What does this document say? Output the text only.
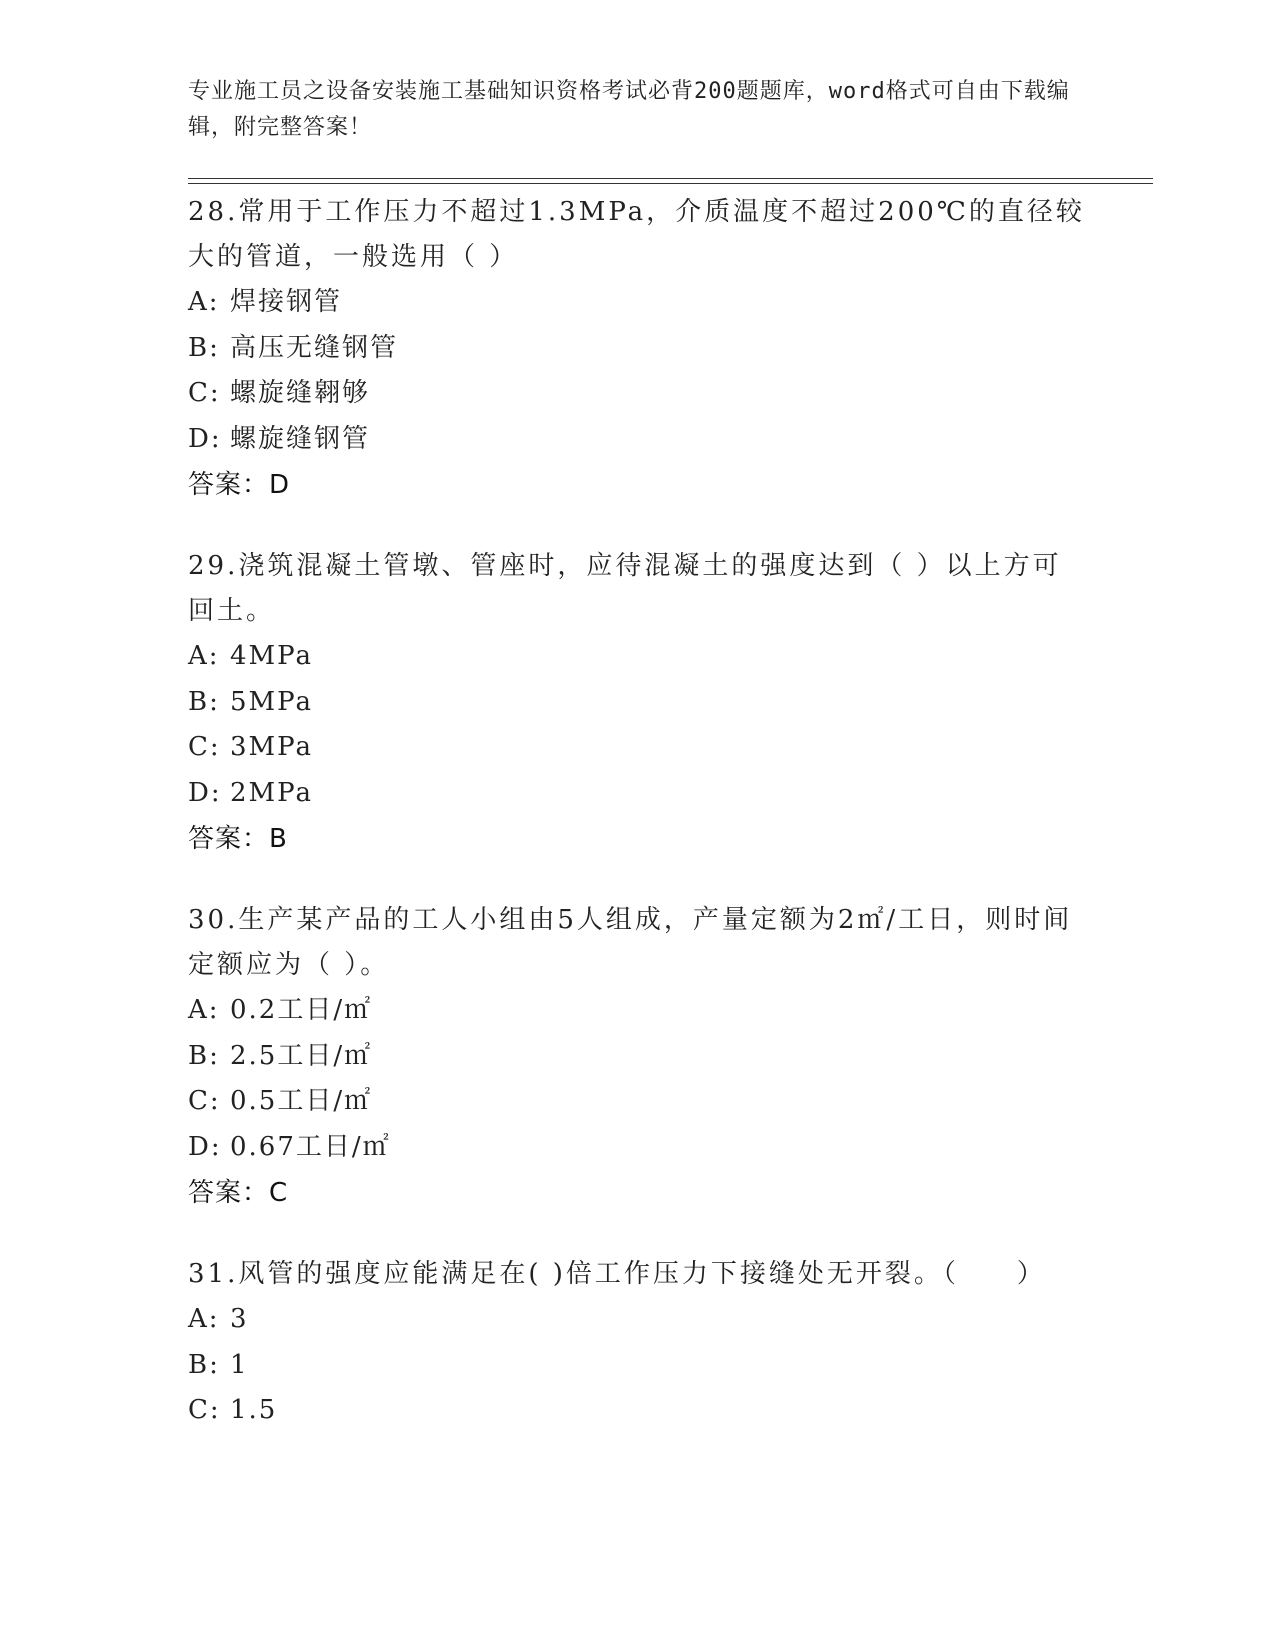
专业施工员之设备安装施工基础知识资格考试必背200题题库，word格式可自由下载编辑，附完整答案！
28.常用于工作压力不超过1.3MPa，介质温度不超过200℃的直径较大的管道，一般选用（ ）
A: 焊接钢管
B: 高压无缝钢管
C: 螺旋缝翱够
D: 螺旋缝钢管
答案：D
29.浇筑混凝土管墩、管座时，应待混凝土的强度达到（ ）以上方可回土。
A: 4MPa
B: 5MPa
C: 3MPa
D: 2MPa
答案：B
30.生产某产品的工人小组由5人组成，产量定额为2㎡/工日，则时间定额应为（ ）。
A: 0.2工日/㎡
B: 2.5工日/㎡
C: 0.5工日/㎡
D: 0.67工日/㎡
答案：C
31.风管的强度应能满足在( )倍工作压力下接缝处无开裂。（　　）
A: 3
B: 1
C: 1.5
